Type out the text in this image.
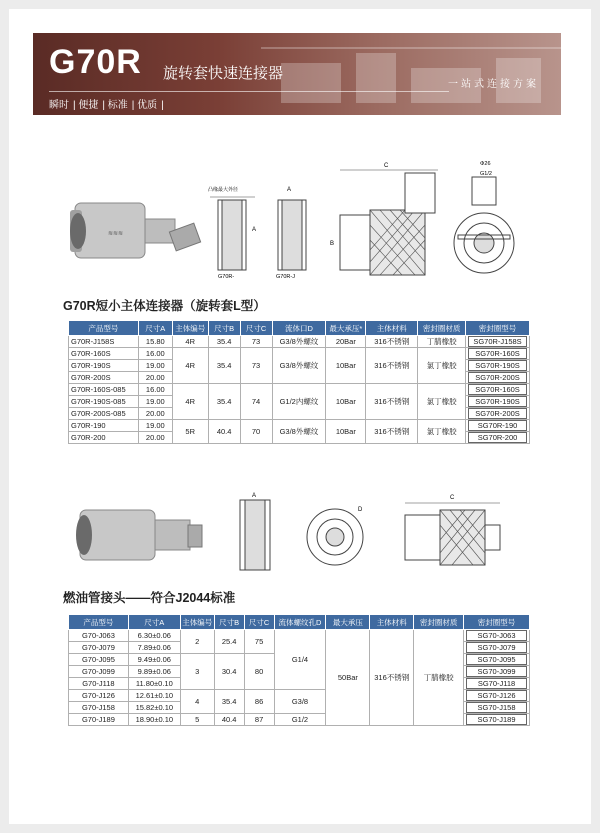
G70R 旋转套快速连接器
一站式连接方案
瞬时 | 便捷 | 标准 | 优质 |
≋≋≋
凸缘最大外径
A
G70R-
A
G70R-J
C
B
Φ26
G1/2
G70R短小主体连接器（旋转套L型）
产品型号	尺寸A	主体编号	尺寸B	尺寸C	流体口D	最大承压*	主体材料	密封圈材质	密封圈型号
G70R-J158S	15.80	4R	35.4	73	G3/8外螺纹	20Bar	316不锈钢	丁腈橡胶	SG70R-J158S

G70R-160S	16.00	4R	35.4	73	G3/8外螺纹	10Bar	316不锈钢	氯丁橡胶	SG70R-160S

G70R-190S	19.00								SG70R-190S

G70R-200S	20.00								SG70R-200S

G70R-160S-085	16.00	4R	35.4	74	G1/2内螺纹	10Bar	316不锈钢	氯丁橡胶	SG70R-160S

G70R-190S-085	19.00								SG70R-190S

G70R-200S-085	20.00								SG70R-200S

G70R-190	19.00	5R	40.4	70	G3/8外螺纹	10Bar	316不锈钢	氯丁橡胶	SG70R-190

G70R-200	20.00								SG70R-200
A
D
C
燃油管接头——符合J2044标准
产品型号	尺寸A	主体编号	尺寸B	尺寸C	流体螺纹孔D	最大承压	主体材料	密封圈材质	密封圈型号
G70-J063	6.30±0.06	2	25.4	75	G1/4	50Bar	316不锈钢	丁腈橡胶	SG70-J063

G70-J079	7.89±0.06								SG70-J079

G70-J095	9.49±0.06	3	30.4	80					SG70-J095

G70-J099	9.89±0.06								SG70-J099

G70-J118	11.80±0.10								SG70-J118

G70-J126	12.61±0.10	4	35.4	86	G3/8				SG70-J126

G70-J158	15.82±0.10								SG70-J158

G70-J189	18.90±0.10	5	40.4	87	G1/2				SG70-J189
